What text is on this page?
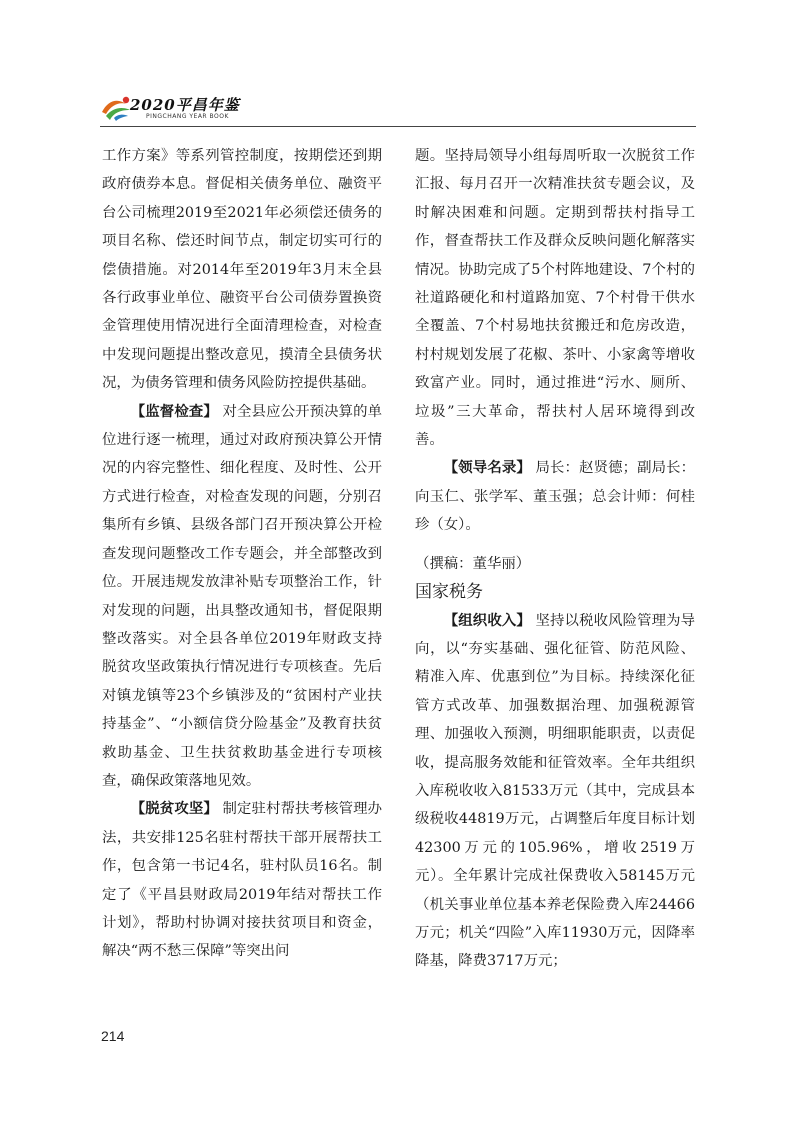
2020平昌年鉴
PINGCHANG YEAR BOOK

工作方案》等系列管控制度，按期偿还到期政府债券本息。督促相关债务单位、融资平台公司梳理2019至2021年必须偿还债务的项目名称、偿还时间节点，制定切实可行的偿债措施。对2014年至2019年3月末全县各行政事业单位、融资平台公司债券置换资金管理使用情况进行全面清理检查，对检查中发现问题提出整改意见，摸清全县债务状况，为债务管理和债务风险防控提供基础。

【监督检查】 对全县应公开预决算的单位进行逐一梳理，通过对政府预决算公开情况的内容完整性、细化程度、及时性、公开方式进行检查，对检查发现的问题，分别召集所有乡镇、县级各部门召开预决算公开检查发现问题整改工作专题会，并全部整改到位。开展违规发放津补贴专项整治工作，针对发现的问题，出具整改通知书，督促限期整改落实。对全县各单位2019年财政支持脱贫攻坚政策执行情况进行专项核查。先后对镇龙镇等23个乡镇涉及的“贫困村产业扶持基金”、“小额信贷分险基金”及教育扶贫救助基金、卫生扶贫救助基金进行专项核查，确保政策落地见效。

【脱贫攻坚】 制定驻村帮扶考核管理办法，共安排125名驻村帮扶干部开展帮扶工作，包含第一书记4名，驻村队员16名。制定了《平昌县财政局2019年结对帮扶工作计划》，帮助村协调对接扶贫项目和资金，解决“两不愁三保障”等突出问

题。坚持局领导小组每周听取一次脱贫工作汇报、每月召开一次精准扶贫专题会议，及时解决困难和问题。定期到帮扶村指导工作，督查帮扶工作及群众反映问题化解落实情况。协助完成了5个村阵地建设、7个村的社道路硬化和村道路加宽、7个村骨干供水全覆盖、7个村易地扶贫搬迁和危房改造，村村规划发展了花椒、茶叶、小家禽等增收致富产业。同时，通过推进“污水、厕所、垃圾”三大革命，帮扶村人居环境得到改善。

【领导名录】 局长：赵贤德；副局长：向玉仁、张学军、董玉强；总会计师：何桂珍（女）。

（撰稿：董华丽）

国家税务

【组织收入】 坚持以税收风险管理为导向，以“夯实基础、强化征管、防范风险、精准入库、优惠到位”为目标。持续深化征管方式改革、加强数据治理、加强税源管理、加强收入预测，明细职能职责，以责促收，提高服务效能和征管效率。全年共组织入库税收收入81533万元（其中，完成县本级税收44819万元，占调整后年度目标计划42300万元的105.96%，增收2519万元）。全年累计完成社保费收入58145万元（机关事业单位基本养老保险费入库24466万元；机关“四险”入库11930万元，因降率降基，降费3717万元；

214
